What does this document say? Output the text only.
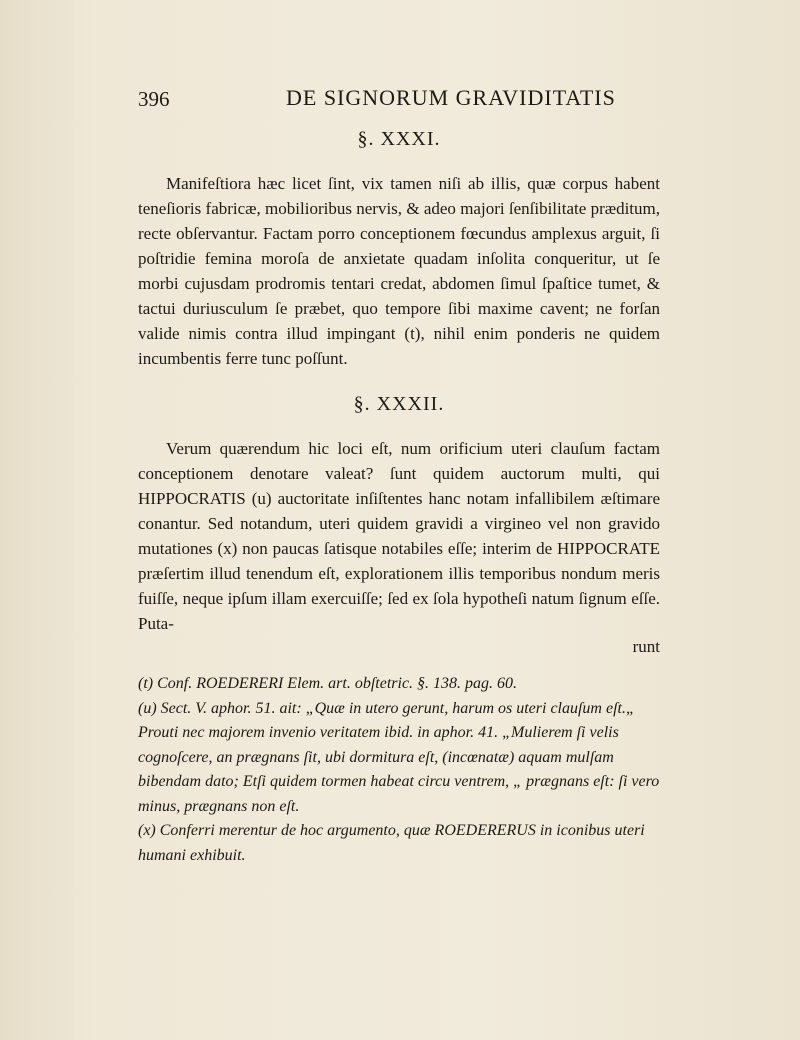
396	DE SIGNORUM GRAVIDITATIS
§. XXXI.

Manifeſtiora hæc licet ſint, vix tamen niſi ab illis, quæ corpus habent teneſioris fabricæ, mobilioribus nervis, & adeo majori ſenſibilitate præditum, recte obſervantur. Factam porro conceptionem fœcundus amplexus arguit, ſi poſtridie femina moroſa de anxietate quadam inſolita conqueritur, ut ſe morbi cujusdam prodromis tentari credat, abdomen ſimul ſpaſtice tumet, & tactui duriusculum ſe præbet, quo tempore ſibi maxime cavent; ne forſan valide nimis contra illud impingant (t), nihil enim ponderis ne quidem incumbentis ferre tunc poſſunt.

§. XXXII.

Verum quærendum hic loci eſt, num orificium uteri clauſum factam conceptionem denotare valeat? ſunt quidem auctorum multi, qui HIPPOCRATIS (u) auctoritate inſiſtentes hanc notam infallibilem æſtimare conantur. Sed notandum, uteri quidem gravidi a virgineo vel non gravido mutationes (x) non paucas ſatisque notabiles eſſe; interim de HIPPOCRATE præſertim illud tenendum eſt, explorationem illis temporibus nondum meris fuiſſe, neque ipſum illam exercuiſſe; ſed ex ſola hypotheſi natum ſignum eſſe. Puta-

runt

(t) Conf. ROEDERERI Elem. art. obſtetric. §. 138. pag. 60.

(u) Sect. V. aphor. 51. ait: „Quæ in utero gerunt, harum os uteri clauſum eſt.„ Prouti nec majorem invenio veritatem ibid. in aphor. 41. „Mulierem ſi velis cognoſcere, an prægnans ſit, ubi dormitura eſt, (incœnatæ) aquam mulſam bibendam dato; Etſi quidem tormen habeat circu ventrem, „ prægnans eſt: ſi vero minus, prægnans non eſt.

(x) Conferri merentur de hoc argumento, quæ ROEDERERUS in iconibus uteri humani exhibuit.
